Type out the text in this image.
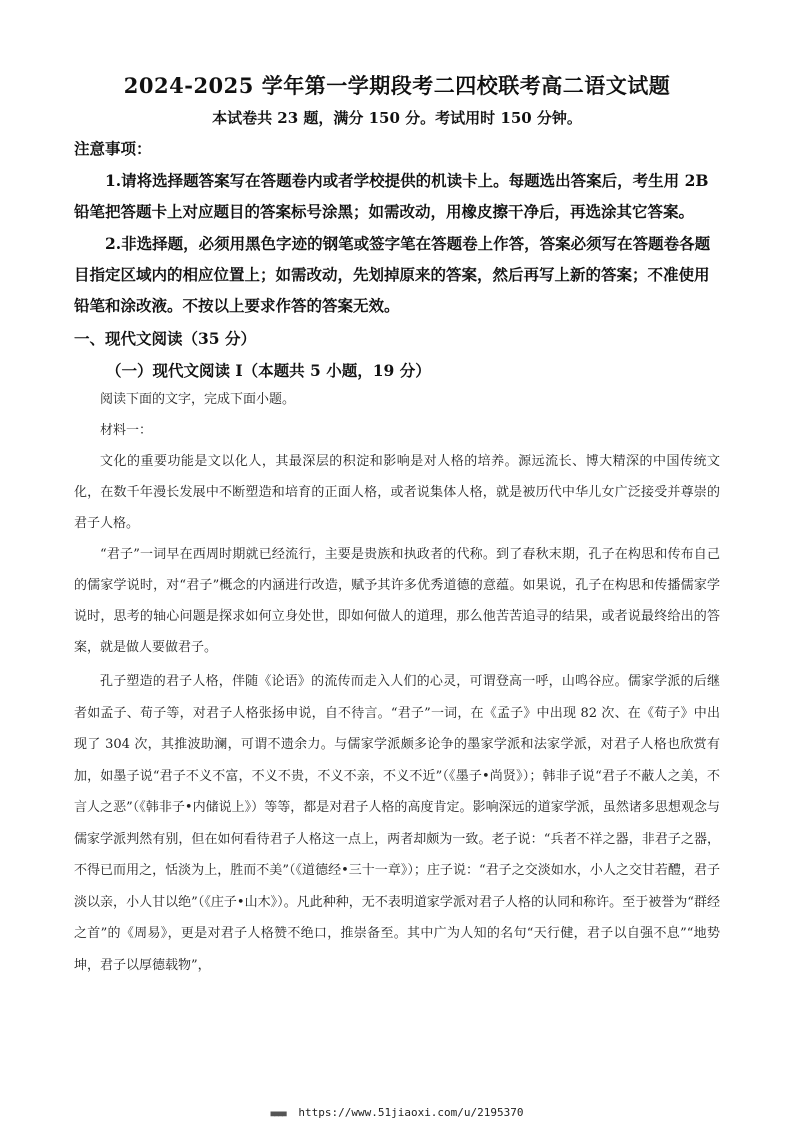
2024-2025 学年第一学期段考二四校联考高二语文试题
本试卷共 23 题，满分 150 分。考试用时 150 分钟。
注意事项：
1.请将选择题答案写在答题卷内或者学校提供的机读卡上。每题选出答案后，考生用 2B 铅笔把答题卡上对应题目的答案标号涂黑；如需改动，用橡皮擦干净后，再选涂其它答案。
2.非选择题，必须用黑色字迹的钢笔或签字笔在答题卷上作答，答案必须写在答题卷各题目指定区域内的相应位置上；如需改动，先划掉原来的答案，然后再写上新的答案；不准使用铅笔和涂改液。不按以上要求作答的答案无效。
一、现代文阅读（35 分）
（一）现代文阅读 I（本题共 5 小题，19 分）
阅读下面的文字，完成下面小题。
材料一：
文化的重要功能是文以化人，其最深层的积淀和影响是对人格的培养。源远流长、博大精深的中国传统文化，在数千年漫长发展中不断塑造和培育的正面人格，或者说集体人格，就是被历代中华儿女广泛接受并尊崇的君子人格。
“君子”一词早在西周时期就已经流行，主要是贵族和执政者的代称。到了春秋末期，孔子在构思和传布自己的儒家学说时，对“君子”概念的内涵进行改造，赋予其许多优秀道德的意蕴。如果说，孔子在构思和传播儒家学说时，思考的轴心问题是探求如何立身处世，即如何做人的道理，那么他苦苦追寻的结果，或者说最终给出的答案，就是做人要做君子。
孔子塑造的君子人格，伴随《论语》的流传而走入人们的心灵，可谓登高一呼，山鸣谷应。儒家学派的后继者如孟子、荀子等，对君子人格张扬申说，自不待言。“君子”一词，在《孟子》中出现 82 次、在《荀子》中出现了 304 次，其推波助澜，可谓不遗余力。与儒家学派颇多论争的墨家学派和法家学派，对君子人格也欣赏有加，如墨子说“君子不义不富，不义不贵，不义不亲，不义不近”（《墨子•尚贤》）；韩非子说“君子不蔽人之美，不言人之恶”（《韩非子•内储说上》）等等，都是对君子人格的高度肯定。影响深远的道家学派，虽然诸多思想观念与儒家学派判然有别，但在如何看待君子人格这一点上，两者却颇为一致。老子说：“兵者不祥之器，非君子之器，不得已而用之，恬淡为上，胜而不美”（《道德经•三十一章》）；庄子说：“君子之交淡如水，小人之交甘若醴，君子淡以亲，小人甘以绝”（《庄子•山木》）。凡此种种，无不表明道家学派对君子人格的认同和称许。至于被誉为“群经之首”的《周易》，更是对君子人格赞不绝口，推崇备至。其中广为人知的名句“天行健，君子以自强不息”“地势坤，君子以厚德载物”，
■■■■ https://www.51jiaoxi.com/u/2195370
